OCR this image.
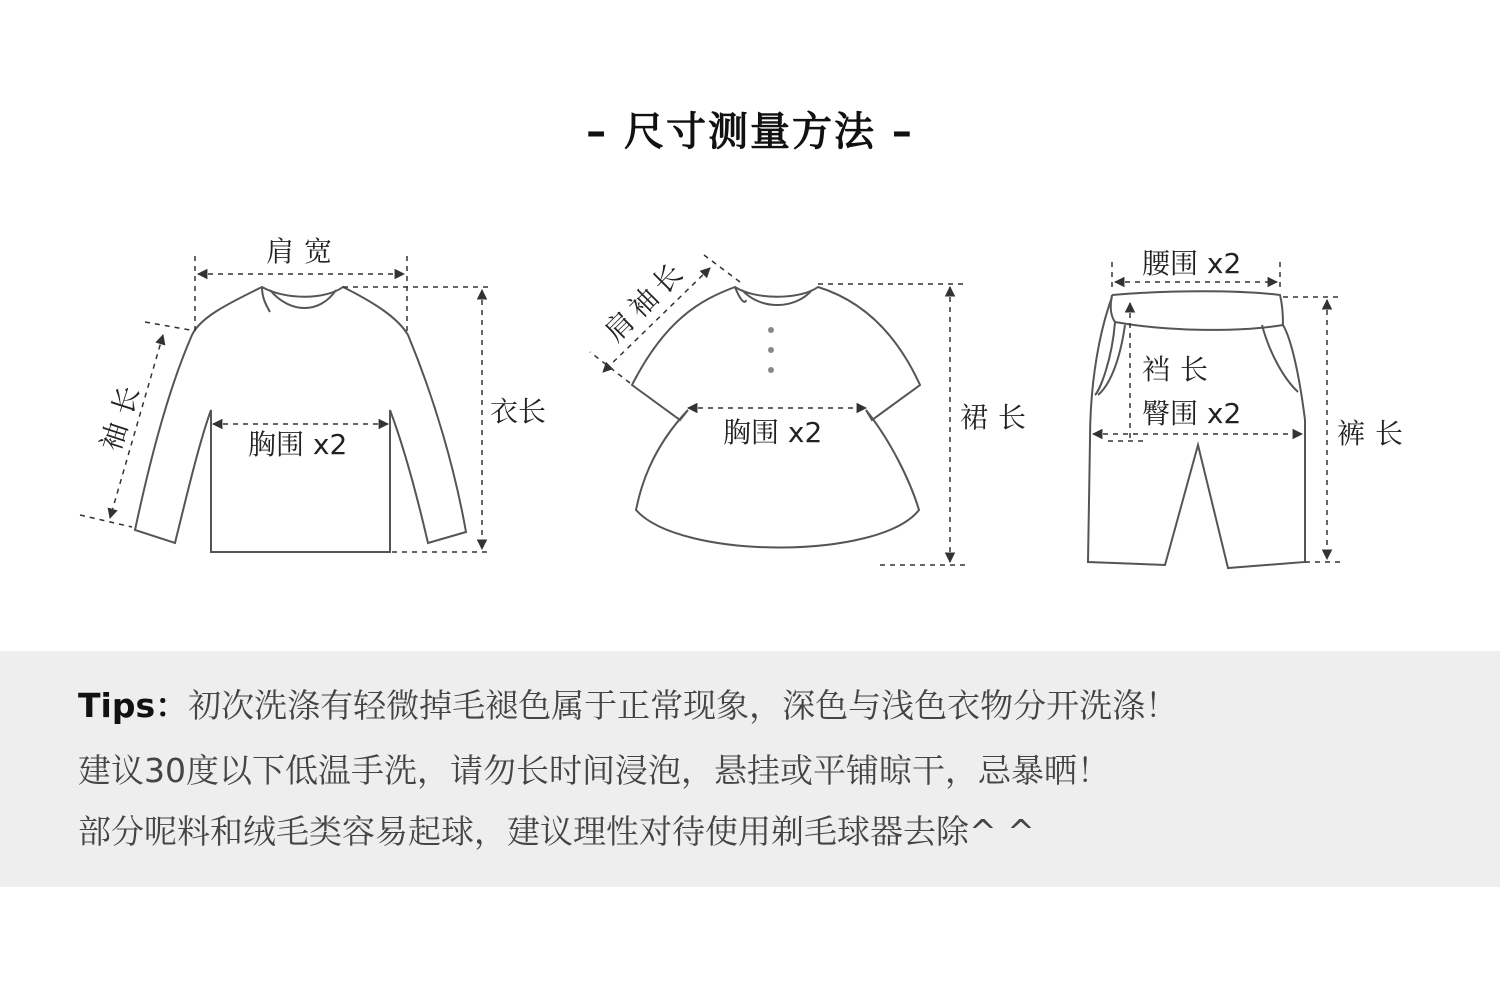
– 尺寸测量方法 –
肩宽
袖长	胸围 x2
衣长
肩袖长
胸围 x2	裙长
腰围 x2
裆长
臀围 x2
裤长
Tips：初次洗涤有轻微掉毛褪色属于正常现象，深色与浅色衣物分开洗涤！
建议30度以下低温手洗，请勿长时间浸泡，悬挂或平铺晾干，忌暴晒！
部分呢料和绒毛类容易起球，建议理性对待使用剃毛球器去除^ ^
